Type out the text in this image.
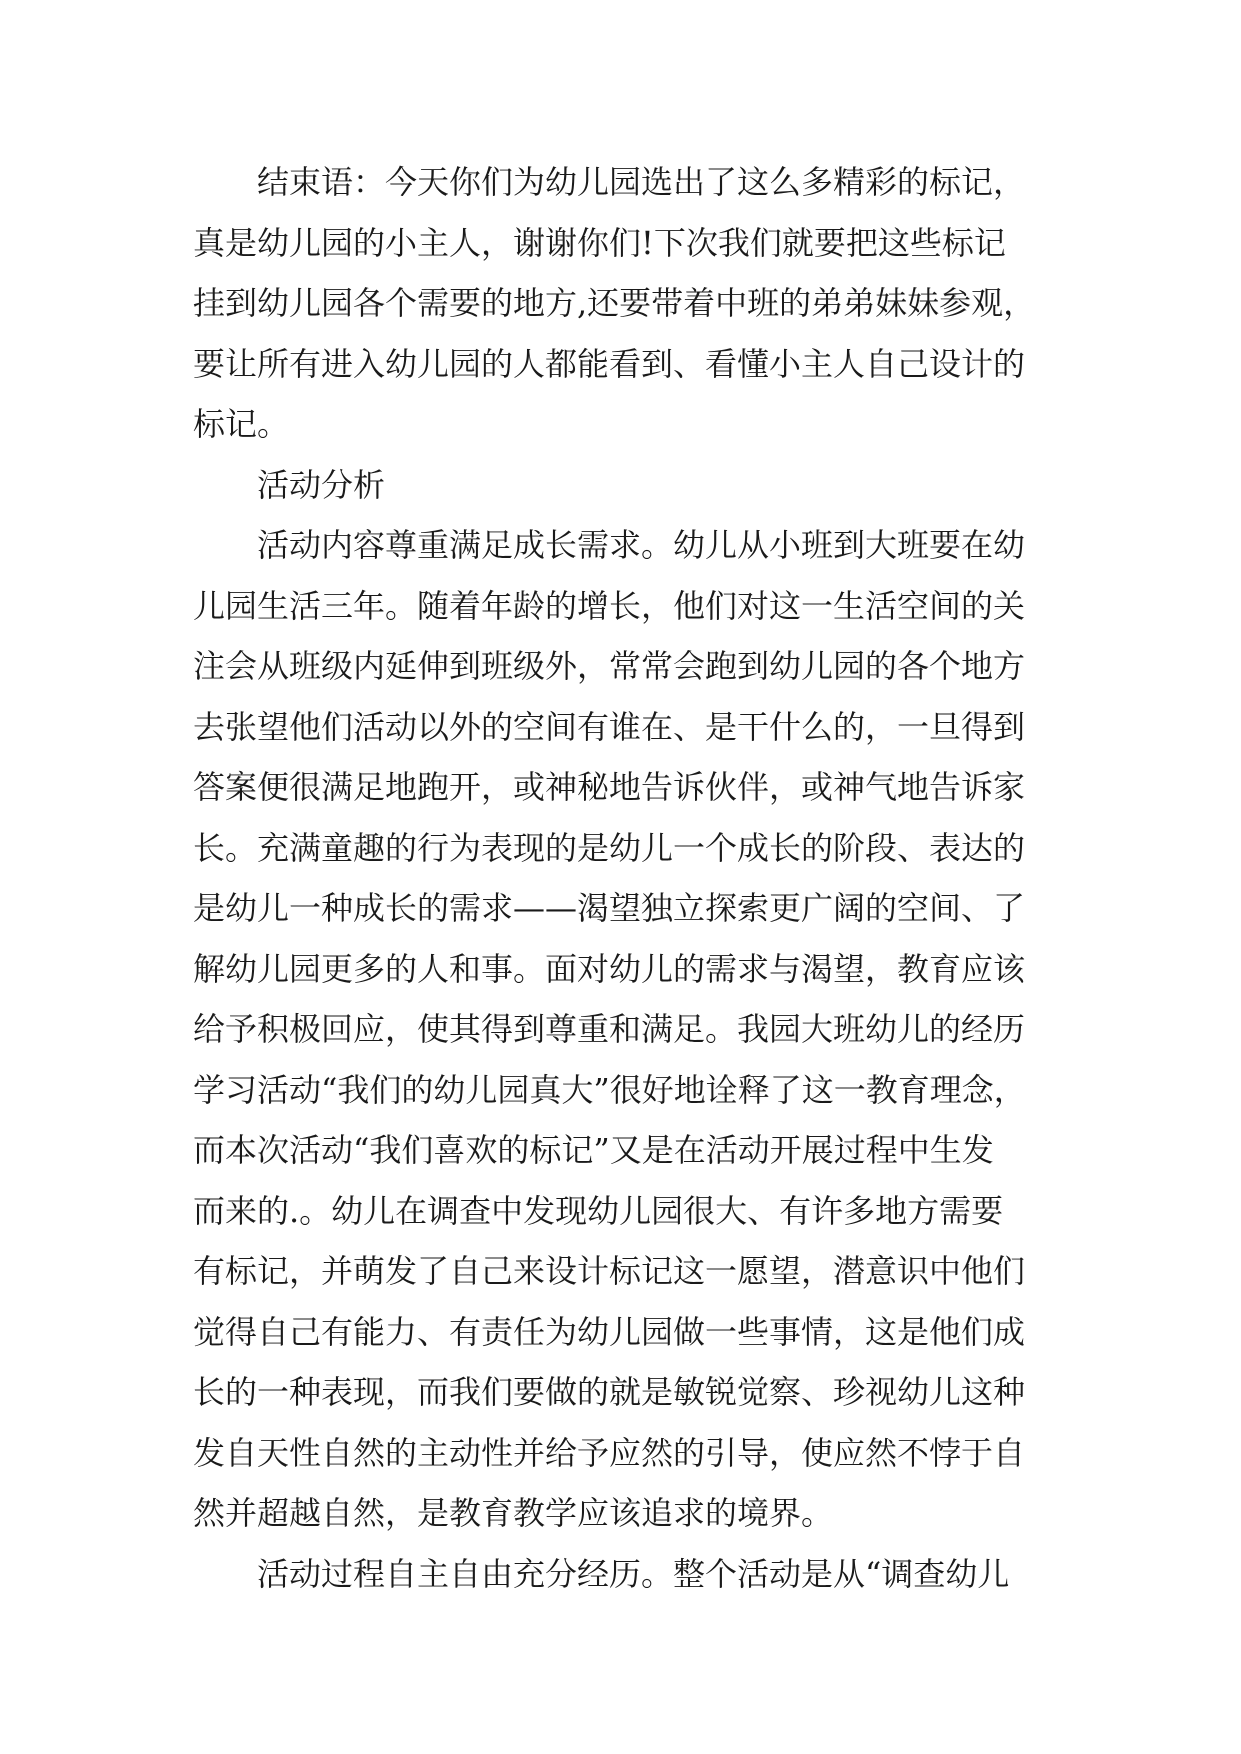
　　结束语：今天你们为幼儿园选出了这么多精彩的标记，
真是幼儿园的小主人，谢谢你们!下次我们就要把这些标记
挂到幼儿园各个需要的地方,还要带着中班的弟弟妹妹参观，
要让所有进入幼儿园的人都能看到、看懂小主人自己设计的
标记。
　　活动分析
　　活动内容尊重满足成长需求。幼儿从小班到大班要在幼
儿园生活三年。随着年龄的增长，他们对这一生活空间的关
注会从班级内延伸到班级外，常常会跑到幼儿园的各个地方
去张望他们活动以外的空间有谁在、是干什么的，一旦得到
答案便很满足地跑开，或神秘地告诉伙伴，或神气地告诉家
长。充满童趣的行为表现的是幼儿一个成长的阶段、表达的
是幼儿一种成长的需求——渴望独立探索更广阔的空间、了
解幼儿园更多的人和事。面对幼儿的需求与渴望，教育应该
给予积极回应，使其得到尊重和满足。我园大班幼儿的经历
学习活动“我们的幼儿园真大”很好地诠释了这一教育理念，
而本次活动“我们喜欢的标记”又是在活动开展过程中生发
而来的.。幼儿在调查中发现幼儿园很大、有许多地方需要
有标记，并萌发了自己来设计标记这一愿望，潜意识中他们
觉得自己有能力、有责任为幼儿园做一些事情，这是他们成
长的一种表现，而我们要做的就是敏锐觉察、珍视幼儿这种
发自天性自然的主动性并给予应然的引导，使应然不悖于自
然并超越自然，是教育教学应该追求的境界。
　　活动过程自主自由充分经历。整个活动是从“调查幼儿
